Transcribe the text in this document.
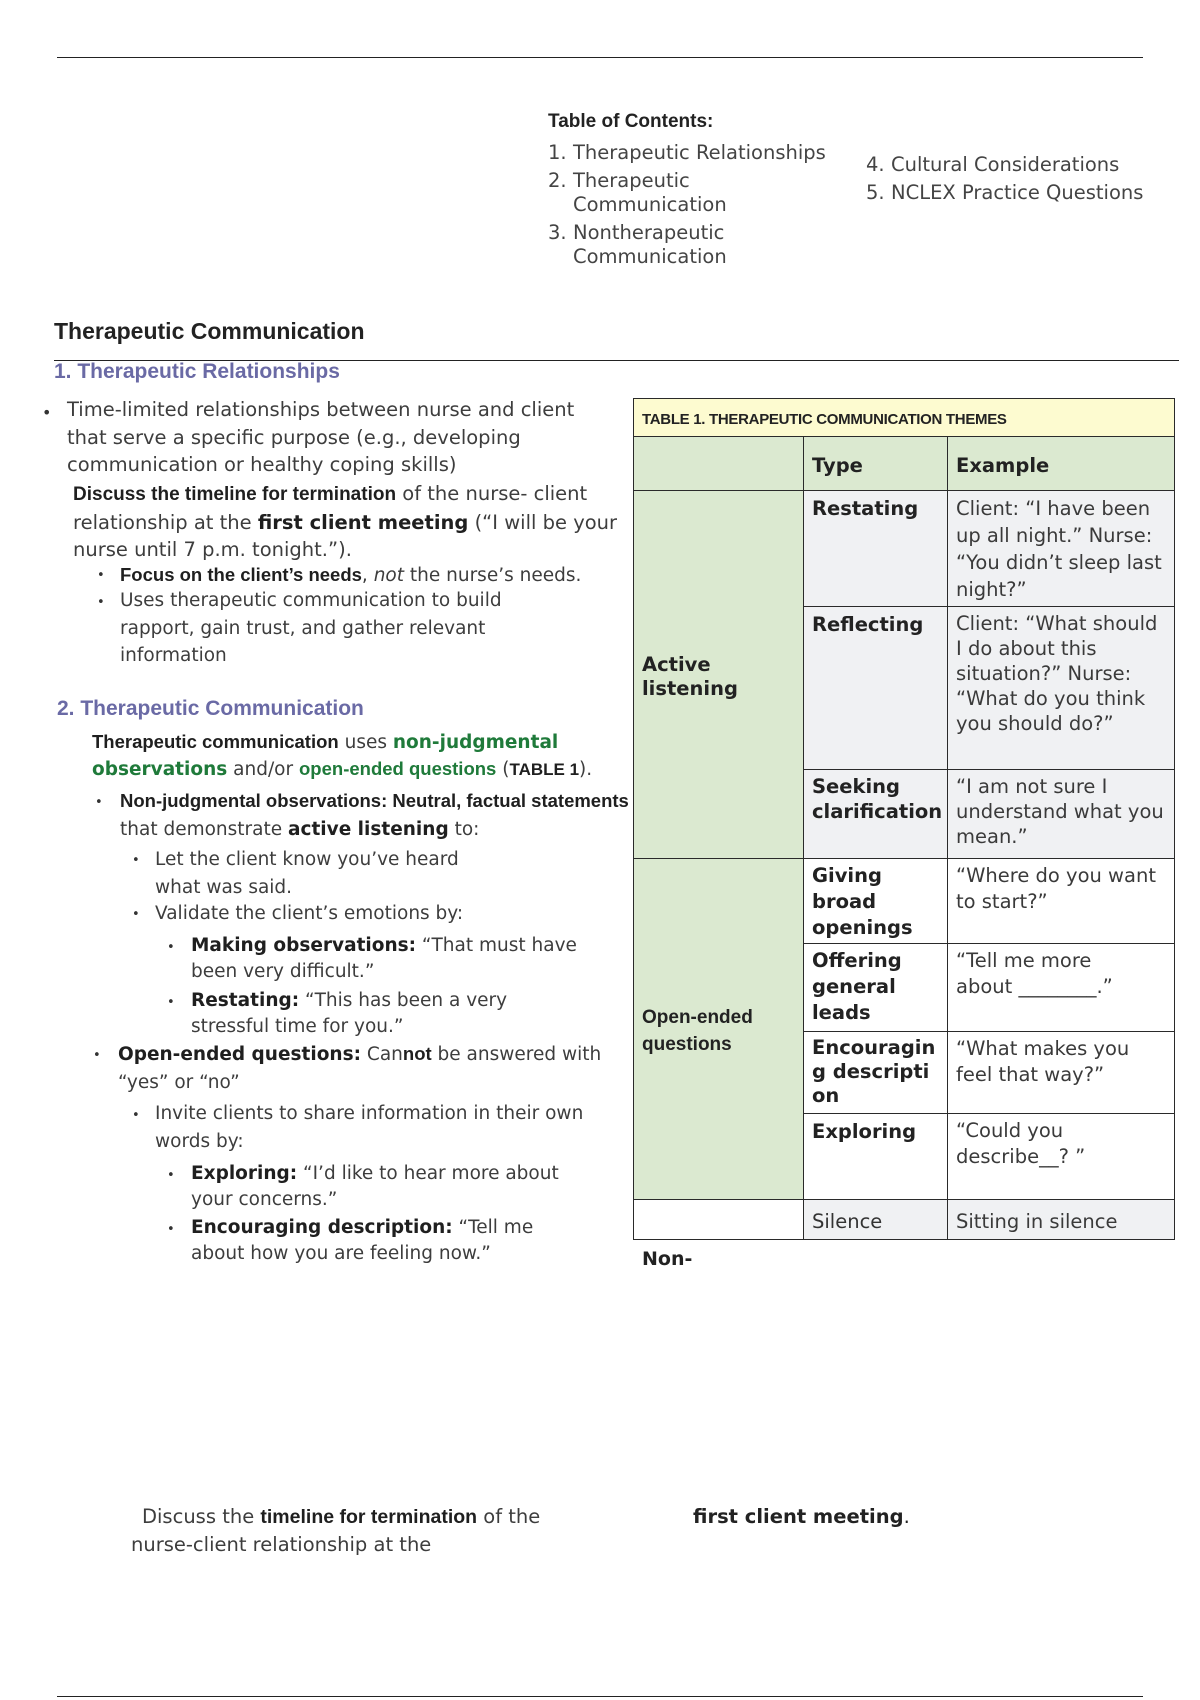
Table of Contents:
1. Therapeutic Relationships
2. Therapeutic Communication
3. Nontherapeutic Communication
4. Cultural Considerations
5. NCLEX Practice Questions
Therapeutic Communication
1. Therapeutic Relationships
• Time-limited relationships between nurse and client that serve a specific purpose (e.g., developing communication or healthy coping skills)
Discuss the timeline for termination of the nurse- client relationship at the first client meeting (“I will be your nurse until 7 p.m. tonight.”).
• Focus on the client’s needs, not the nurse’s needs.
• Uses therapeutic communication to build rapport, gain trust, and gather relevant information
2. Therapeutic Communication
Therapeutic communication uses non-judgmental observations and/or open-ended questions (TABLE 1).
• Non-judgmental observations: Neutral, factual statements that demonstrate active listening to:
• Let the client know you’ve heard what was said.
• Validate the client’s emotions by:
• Making observations: “That must have been very difficult.”
• Restating: “This has been a very stressful time for you.”
• Open-ended questions: Cannot be answered with “yes” or “no”
• Invite clients to share information in their own words by:
• Exploring: “I’d like to hear more about your concerns.”
• Encouraging description: “Tell me about how you are feeling now.”
TABLE 1. THERAPEUTIC COMMUNICATION THEMES		
	Type	Example
Active listening	Restating	Client: “I have been up all night.” Nurse: “You didn’t sleep last night?”
	Reflecting	Client: “What should I do about this situation?” Nurse: “What do you think you should do?”
	Seeking clarification	“I am not sure I understand what you mean.”
Open-ended questions	Giving broad openings	“Where do you want to start?”
	Offering general leads	“Tell me more about ________.”
	Encouraging description	“What makes you feel that way?”
	Exploring	“Could you describe__? ”
	Silence	Sitting in silence
Non-
Discuss the timeline for termination of the nurse-client relationship at the
first client meeting.
